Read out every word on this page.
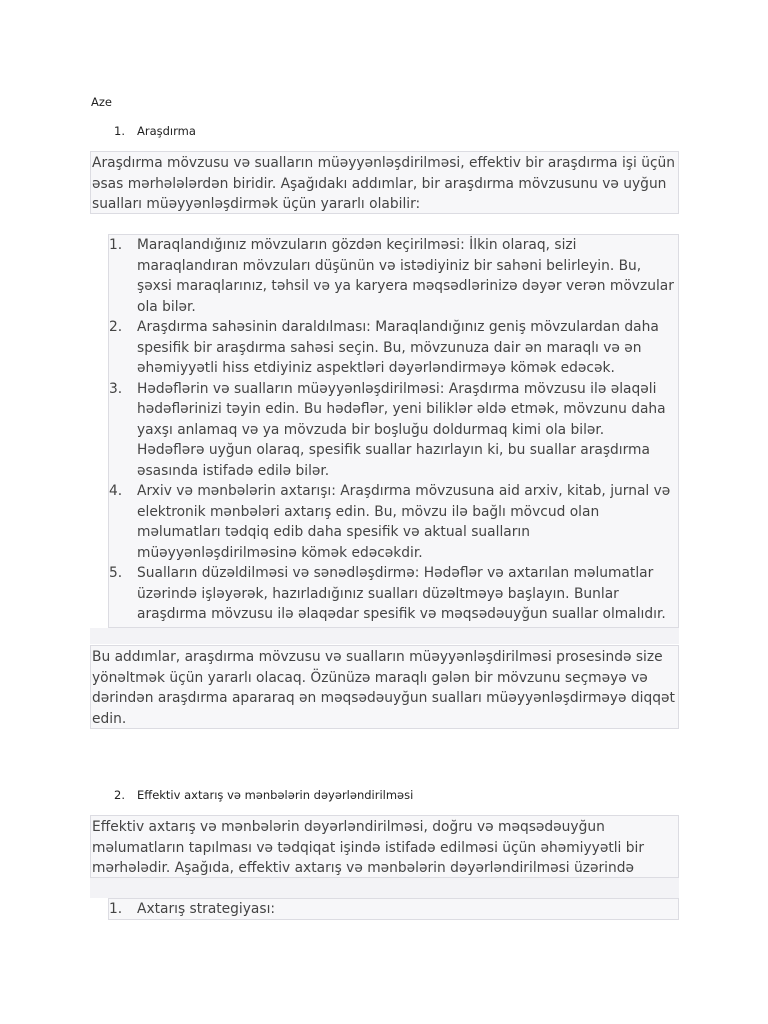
Aze
1. Araşdırma

Araşdırma mövzusu və sualların müəyyənləşdirilməsi, effektiv bir araşdırma işi üçün əsas mərhələlərdən biridir. Aşağıdakı addımlar, bir araşdırma mövzusunu və uyğun sualları müəyyənləşdirmək üçün yararlı olabilir:

1.	Maraqlandığınız mövzuların gözdən keçirilməsi: İlkin olaraq, sizi maraqlandıran mövzuları düşünün və istədiyiniz bir sahəni belirleyin. Bu, şəxsi maraqlarınız, təhsil və ya karyera məqsədlərinizə dəyər verən mövzular ola bilər.
2.	Araşdırma sahəsinin daraldılması: Maraqlandığınız geniş mövzulardan daha spesifik bir araşdırma sahəsi seçin. Bu, mövzunuza dair ən maraqlı və ən əhəmiyyətli hiss etdiyiniz aspektləri dəyərləndirməyə kömək edəcək.
3.	Hədəflərin və sualların müəyyənləşdirilməsi: Araşdırma mövzusu ilə əlaqəli hədəflərinizi təyin edin. Bu hədəflər, yeni biliklər əldə etmək, mövzunu daha yaxşı anlamaq və ya mövzuda bir boşluğu doldurmaq kimi ola bilər. Hədəflərə uyğun olaraq, spesifik suallar hazırlayın ki, bu suallar araşdırma əsasında istifadə edilə bilər.
4.	Arxiv və mənbələrin axtarışı: Araşdırma mövzusuna aid arxiv, kitab, jurnal və elektronik mənbələri axtarış edin. Bu, mövzu ilə bağlı mövcud olan məlumatları tədqiq edib daha spesifik və aktual sualların müəyyənləşdirilməsinə kömək edəcəkdir.
5.	Sualların düzəldilməsi və sənədləşdirmə: Hədəflər və axtarılan məlumatlar üzərində işləyərək, hazırladığınız sualları düzəltməyə başlayın. Bunlar araşdırma mövzusu ilə əlaqədar spesifik və məqsədəuyğun suallar olmalıdır.

Bu addımlar, araşdırma mövzusu və sualların müəyyənləşdirilməsi prosesində size yönəltmək üçün yararlı olacaq. Özünüzə maraqlı gələn bir mövzunu seçməyə və dərindən araşdırma apararaq ən məqsədəuyğun sualları müəyyənləşdirməyə diqqət edin.

2. Effektiv axtarış və mənbələrin dəyərləndirilməsi

Effektiv axtarış və mənbələrin dəyərləndirilməsi, doğru və məqsədəuyğun məlumatların tapılması və tədqiqat işində istifadə edilməsi üçün əhəmiyyətli bir mərhələdir. Aşağıda, effektiv axtarış və mənbələrin dəyərləndirilməsi üzərində

1.	Axtarış strategiyası:
